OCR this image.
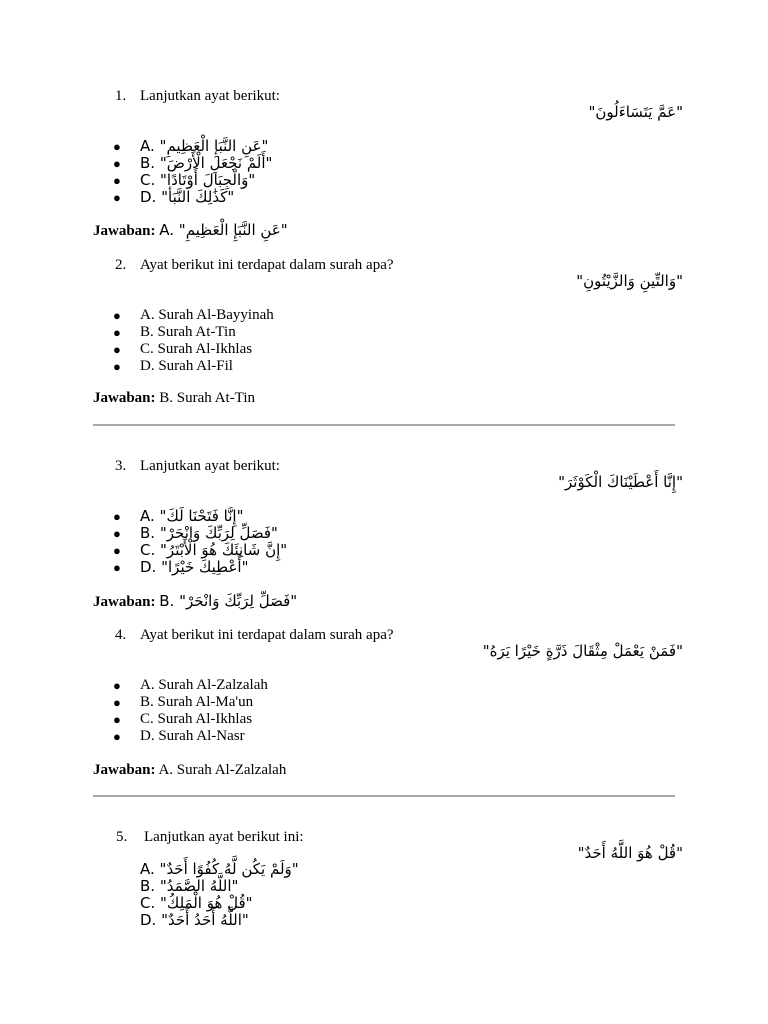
1. Lanjutkan ayat berikut:
"عَمَّ يَتَسَاءَلُونَ"
● A. "عَنِ النَّبَإِ الْعَظِيمِ"
● B. "أَلَمْ نَجْعَلِ الْأَرْضَ"
● C. "وَالْجِبَالَ أَوْتَادًا"
● D. "كَذَٰلِكَ النَّبَأ"
Jawaban: A. "عَنِ النَّبَإِ الْعَظِيمِ"
2. Ayat berikut ini terdapat dalam surah apa?
"وَالتِّينِ وَالزَّيْتُونِ"
● A. Surah Al-Bayyinah
● B. Surah At-Tin
● C. Surah Al-Ikhlas
● D. Surah Al-Fil
Jawaban: B. Surah At-Tin
3. Lanjutkan ayat berikut:
"إِنَّا أَعْطَيْنَاكَ الْكَوْثَرَ"
● A. "إِنَّا فَتَحْنَا لَكَ"
● B. "فَصَلِّ لِرَبِّكَ وَانْحَرْ"
● C. "إِنَّ شَانِئَكَ هُوَ الْأَبْتَرُ"
● D. "أَعْطِيكَ خَيْرًا"
Jawaban: B. "فَصَلِّ لِرَبِّكَ وَانْحَرْ"
4. Ayat berikut ini terdapat dalam surah apa?
"فَمَنْ يَعْمَلْ مِثْقَالَ ذَرَّةٍ خَيْرًا يَرَهُ"
● A. Surah Al-Zalzalah
● B. Surah Al-Ma'un
● C. Surah Al-Ikhlas
● D. Surah Al-Nasr
Jawaban: A. Surah Al-Zalzalah
5. Lanjutkan ayat berikut ini:
"قُلْ هُوَ اللَّهُ أَحَدٌ"
A. "وَلَمْ يَكُن لَّهُ كُفُوًا أَحَدٌ"
B. "اللَّهُ الصَّمَدُ"
C. "قُلْ هُوَ الْمَلِكُ"
D. "اللَّهُ أَحَدُ أَحَدٌ"
